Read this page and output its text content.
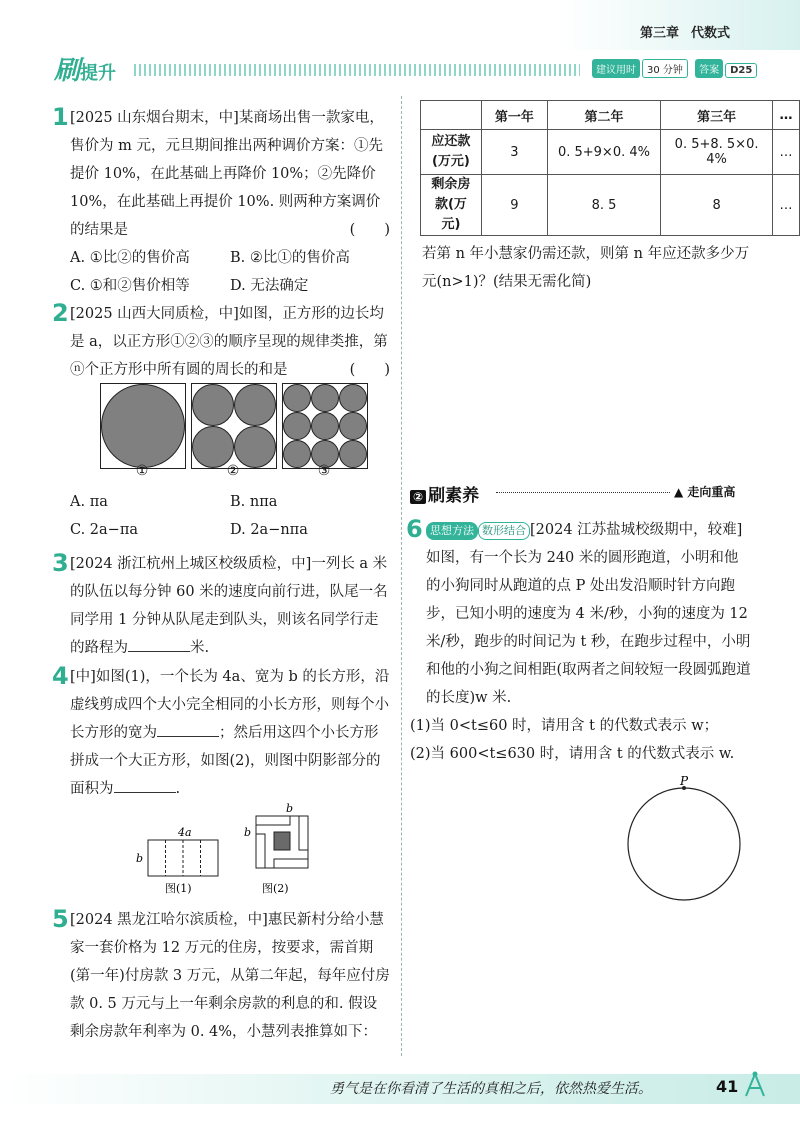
第三章 代数式
刷提升	建议用时 30 分钟 答案 D25
1 [2025 山东烟台期末，中]某商场出售一款家电，售价为 m 元，元旦期间推出两种调价方案：①先提价 10%，在此基础上再降价 10%；②先降价 10%，在此基础上再提价 10%. 则两种方案调价的结果是	(　　)
A. ①比②的售价高	B. ②比①的售价高
C. ①和②售价相等	D. 无法确定
2 [2025 山西大同质检，中]如图，正方形的边长均是 a，以正方形①②③的顺序呈现的规律类推，第ⓝ个正方形中所有圆的周长的和是	(　　)
①	②	③
A. πa	B. nπa
C. 2a−πa	D. 2a−nπa
3 [2024 浙江杭州上城区校级质检，中]一列长 a 米的队伍以每分钟 60 米的速度向前行进，队尾一名同学用 1 分钟从队尾走到队头，则该名同学行走的路程为	米.
4 [中]如图(1)，一个长为 4a、宽为 b 的长方形，沿虚线剪成四个大小完全相同的小长方形，则每个小长方形的宽为	；然后用这四个小长方形拼成一个大正方形，如图(2)，则图中阴影部分的面积为	.
4a
b
图(1)
b
b
图(2)
5 [2024 黑龙江哈尔滨质检，中]惠民新村分给小慧家一套价格为 12 万元的住房，按要求，需首期(第一年)付房款 3 万元，从第二年起，每年应付房款 0. 5 万元与上一年剩余房款的利息的和. 假设剩余房款年利率为 0. 4%，小慧列表推算如下：
	第一年	第二年	第三年	…
应还款(万元)	3	0. 5+9×0. 4%	0. 5+8. 5×0. 4%	…
剩余房款(万元)	9	8. 5	8	…
若第 n 年小慧家仍需还款，则第 n 年应还款多少万元(n>1)？(结果无需化简)
② 刷素养	▲ 走向重高
6 思想方法 数形结合 [2024 江苏盐城校级期中，较难]如图，有一个长为 240 米的圆形跑道，小明和他的小狗同时从跑道的点 P 处出发沿顺时针方向跑步，已知小明的速度为 4 米/秒，小狗的速度为 12 米/秒，跑步的时间记为 t 秒，在跑步过程中，小明和他的小狗之间相距(取两者之间较短一段圆弧跑道的长度)w 米.
(1)当 0<t≤60 时，请用含 t 的代数式表示 w；
(2)当 600<t≤630 时，请用含 t 的代数式表示 w.
P
勇气是在你看清了生活的真相之后，依然热爱生活。	41
